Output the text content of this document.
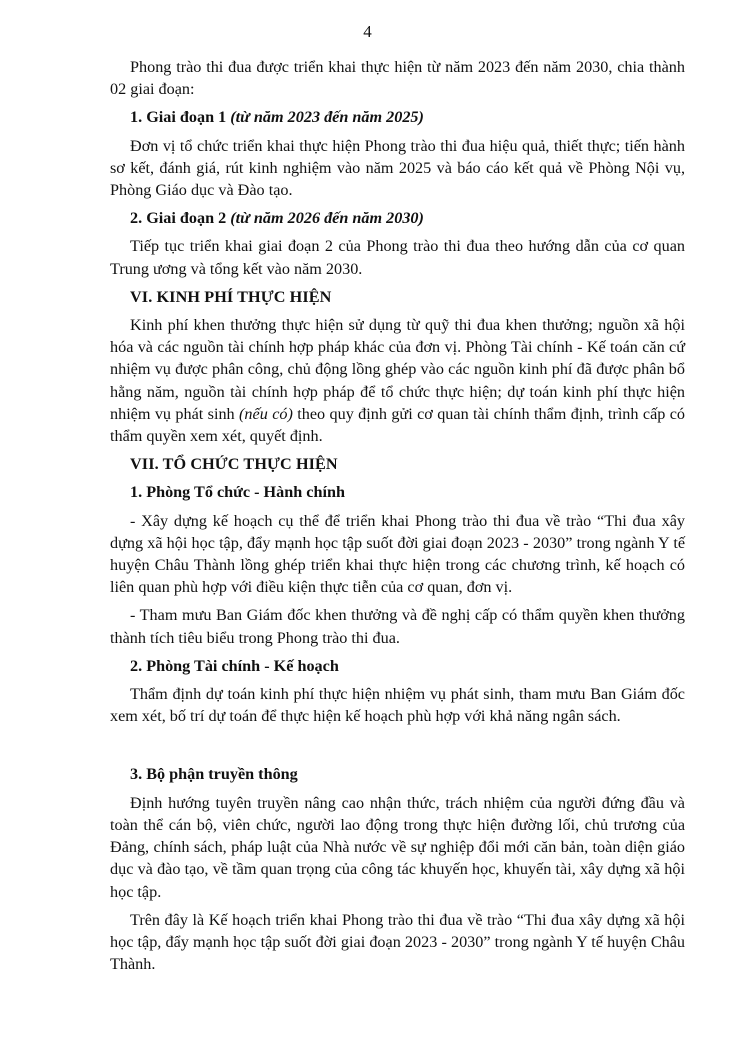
4

Phong trào thi đua được triển khai thực hiện từ năm 2023 đến năm 2030, chia thành 02 giai đoạn:

1. Giai đoạn 1 (từ năm 2023 đến năm 2025)

Đơn vị tổ chức triển khai thực hiện Phong trào thi đua hiệu quả, thiết thực; tiến hành sơ kết, đánh giá, rút kinh nghiệm vào năm 2025 và báo cáo kết quả về Phòng Nội vụ, Phòng Giáo dục và Đào tạo.

2. Giai đoạn 2 (từ năm 2026 đến năm 2030)

Tiếp tục triển khai giai đoạn 2 của Phong trào thi đua theo hướng dẫn của cơ quan Trung ương và tổng kết vào năm 2030.

VI. KINH PHÍ THỰC HIỆN

Kinh phí khen thưởng thực hiện sử dụng từ quỹ thi đua khen thưởng; nguồn xã hội hóa và các nguồn tài chính hợp pháp khác của đơn vị. Phòng Tài chính - Kế toán căn cứ nhiệm vụ được phân công, chủ động lồng ghép vào các nguồn kinh phí đã được phân bổ hằng năm, nguồn tài chính hợp pháp để tổ chức thực hiện; dự toán kinh phí thực hiện nhiệm vụ phát sinh (nếu có) theo quy định gửi cơ quan tài chính thẩm định, trình cấp có thẩm quyền xem xét, quyết định.

VII. TỔ CHỨC THỰC HIỆN
1. Phòng Tổ chức - Hành chính

- Xây dựng kế hoạch cụ thể để triển khai Phong trào thi đua về trào “Thi đua xây dựng xã hội học tập, đẩy mạnh học tập suốt đời giai đoạn 2023 - 2030” trong ngành Y tế huyện Châu Thành lồng ghép triển khai thực hiện trong các chương trình, kế hoạch có liên quan phù hợp với điều kiện thực tiễn của cơ quan, đơn vị.

- Tham mưu Ban Giám đốc khen thưởng và đề nghị cấp có thẩm quyền khen thưởng thành tích tiêu biểu trong Phong trào thi đua.

2. Phòng Tài chính - Kế hoạch

Thẩm định dự toán kinh phí thực hiện nhiệm vụ phát sinh, tham mưu Ban Giám đốc xem xét, bố trí dự toán để thực hiện kế hoạch phù hợp với khả năng ngân sách.

3. Bộ phận truyền thông

Định hướng tuyên truyền nâng cao nhận thức, trách nhiệm của người đứng đầu và toàn thể cán bộ, viên chức, người lao động trong thực hiện đường lối, chủ trương của Đảng, chính sách, pháp luật của Nhà nước về sự nghiệp đổi mới căn bản, toàn diện giáo dục và đào tạo, về tầm quan trọng của công tác khuyến học, khuyến tài, xây dựng xã hội học tập.

Trên đây là Kế hoạch triển khai Phong trào thi đua về trào “Thi đua xây dựng xã hội học tập, đẩy mạnh học tập suốt đời giai đoạn 2023 - 2030” trong ngành Y tế huyện Châu Thành.
